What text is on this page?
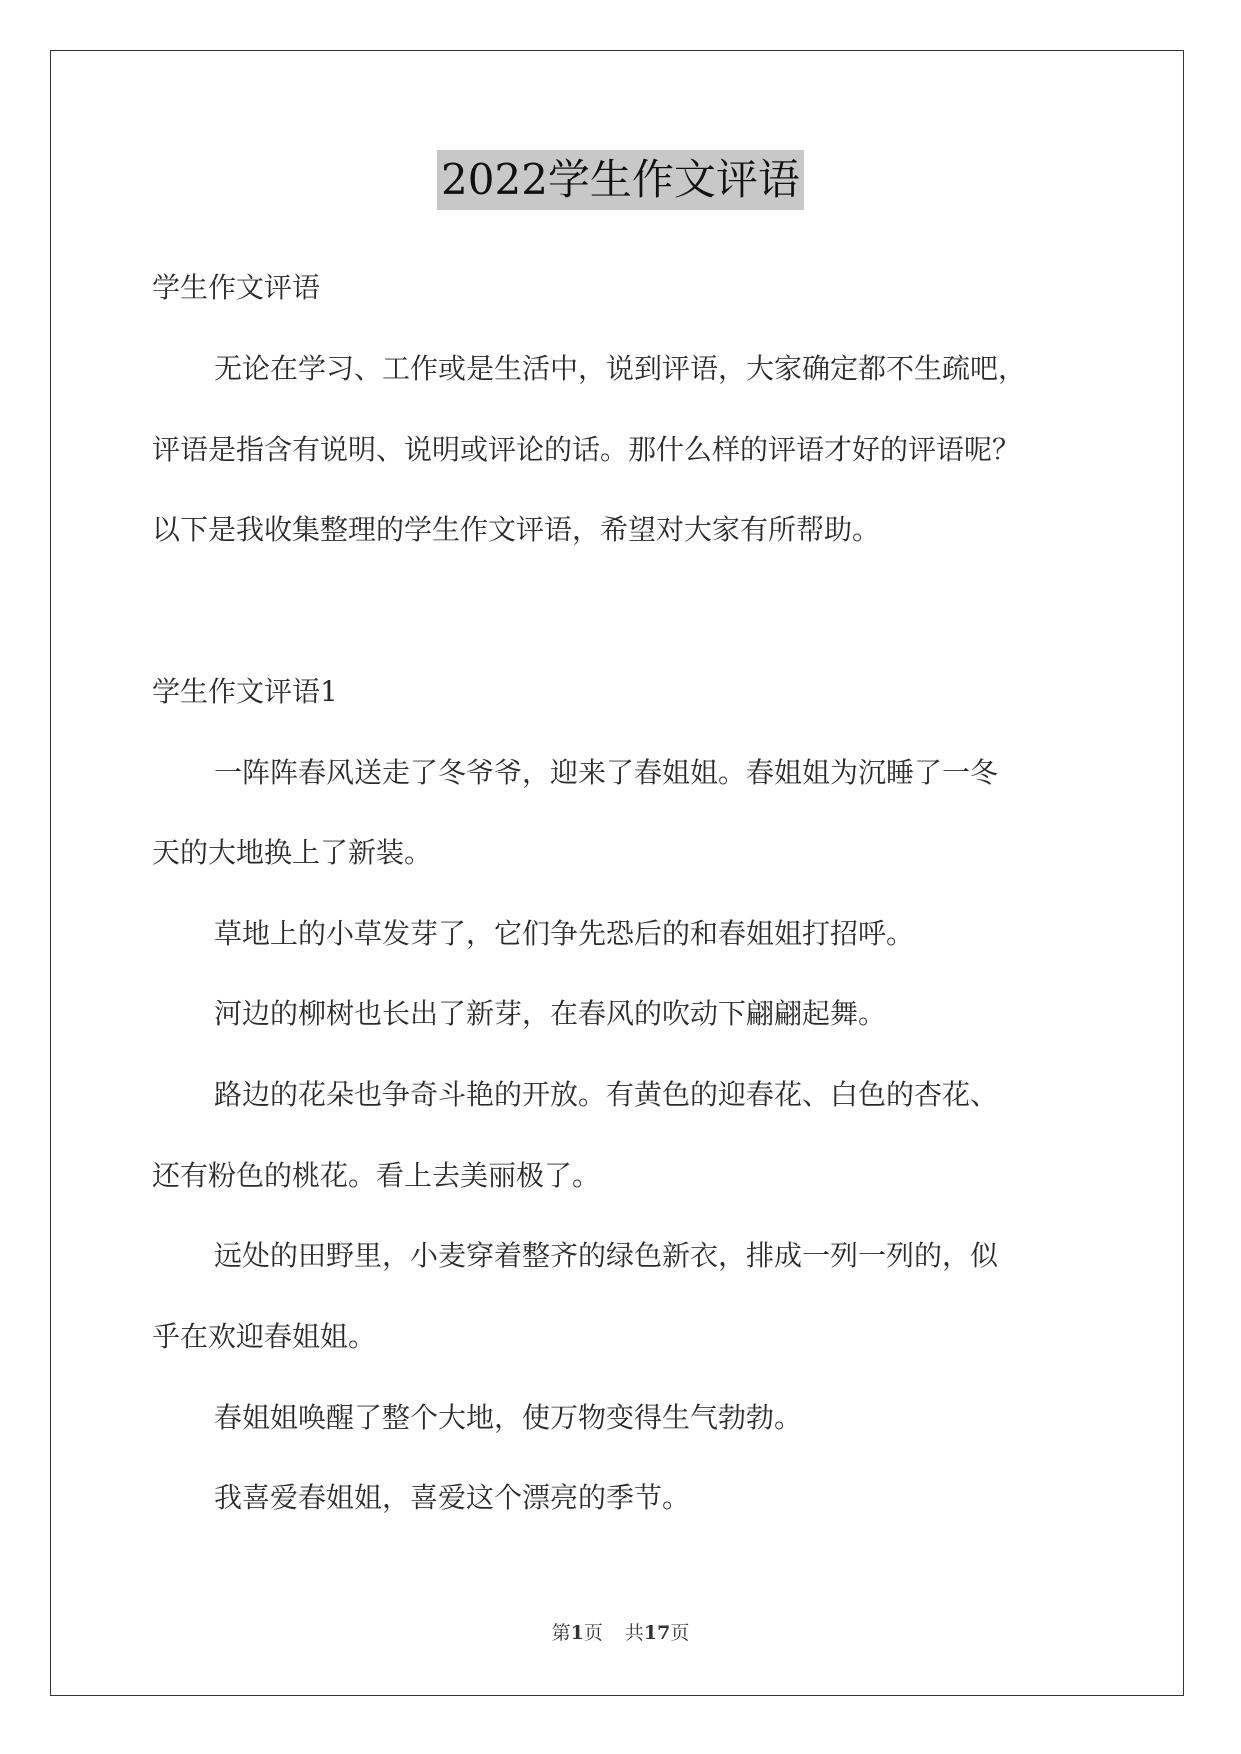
2022学生作文评语
学生作文评语
无论在学习、工作或是生活中，说到评语，大家确定都不生疏吧，
评语是指含有说明、说明或评论的话。那什么样的评语才好的评语呢？
以下是我收集整理的学生作文评语，希望对大家有所帮助。
学生作文评语1
一阵阵春风送走了冬爷爷，迎来了春姐姐。春姐姐为沉睡了一冬
天的大地换上了新装。
草地上的小草发芽了，它们争先恐后的和春姐姐打招呼。
河边的柳树也长出了新芽，在春风的吹动下翩翩起舞。
路边的花朵也争奇斗艳的开放。有黄色的迎春花、白色的杏花、
还有粉色的桃花。看上去美丽极了。
远处的田野里，小麦穿着整齐的绿色新衣，排成一列一列的，似
乎在欢迎春姐姐。
春姐姐唤醒了整个大地，使万物变得生气勃勃。
我喜爱春姐姐，喜爱这个漂亮的季节。
第1页 共17页
